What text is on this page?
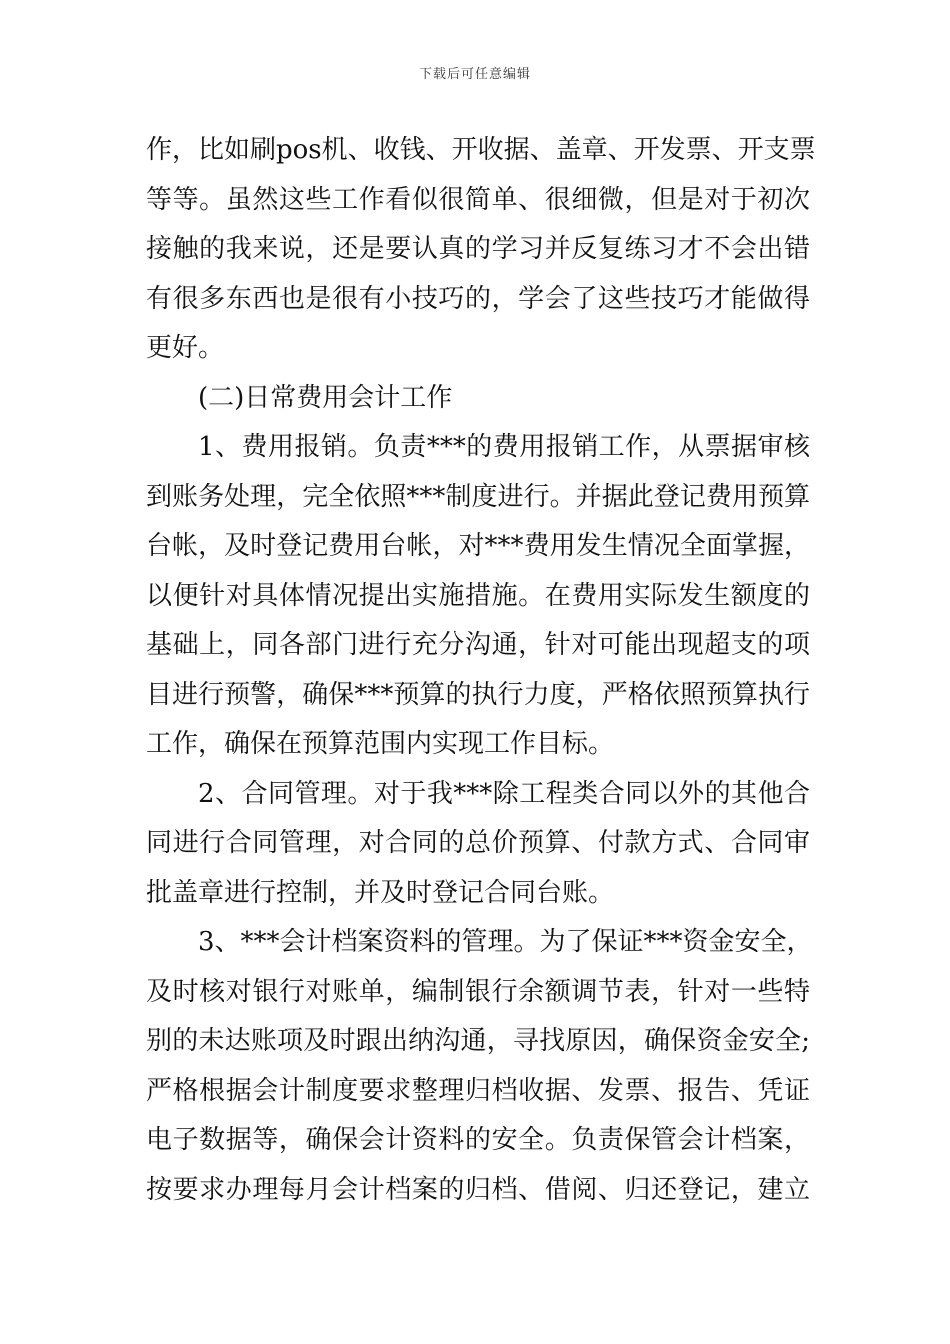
下载后可任意编辑
作，比如刷pos机、收钱、开收据、盖章、开发票、开支票
等等。虽然这些工作看似很简单、很细微，但是对于初次
接触的我来说，还是要认真的学习并反复练习才不会出错
有很多东西也是很有小技巧的，学会了这些技巧才能做得
更好。
(二)日常费用会计工作
1、费用报销。负责***的费用报销工作，从票据审核
到账务处理，完全依照***制度进行。并据此登记费用预算
台帐，及时登记费用台帐，对***费用发生情况全面掌握，
以便针对具体情况提出实施措施。在费用实际发生额度的
基础上，同各部门进行充分沟通，针对可能出现超支的项
目进行预警，确保***预算的执行力度，严格依照预算执行
工作，确保在预算范围内实现工作目标。
2、合同管理。对于我***除工程类合同以外的其他合
同进行合同管理，对合同的总价预算、付款方式、合同审
批盖章进行控制，并及时登记合同台账。
3、***会计档案资料的管理。为了保证***资金安全，
及时核对银行对账单，编制银行余额调节表，针对一些特
别的未达账项及时跟出纳沟通，寻找原因，确保资金安全;
严格根据会计制度要求整理归档收据、发票、报告、凭证
电子数据等，确保会计资料的安全。负责保管会计档案，
按要求办理每月会计档案的归档、借阅、归还登记，建立
